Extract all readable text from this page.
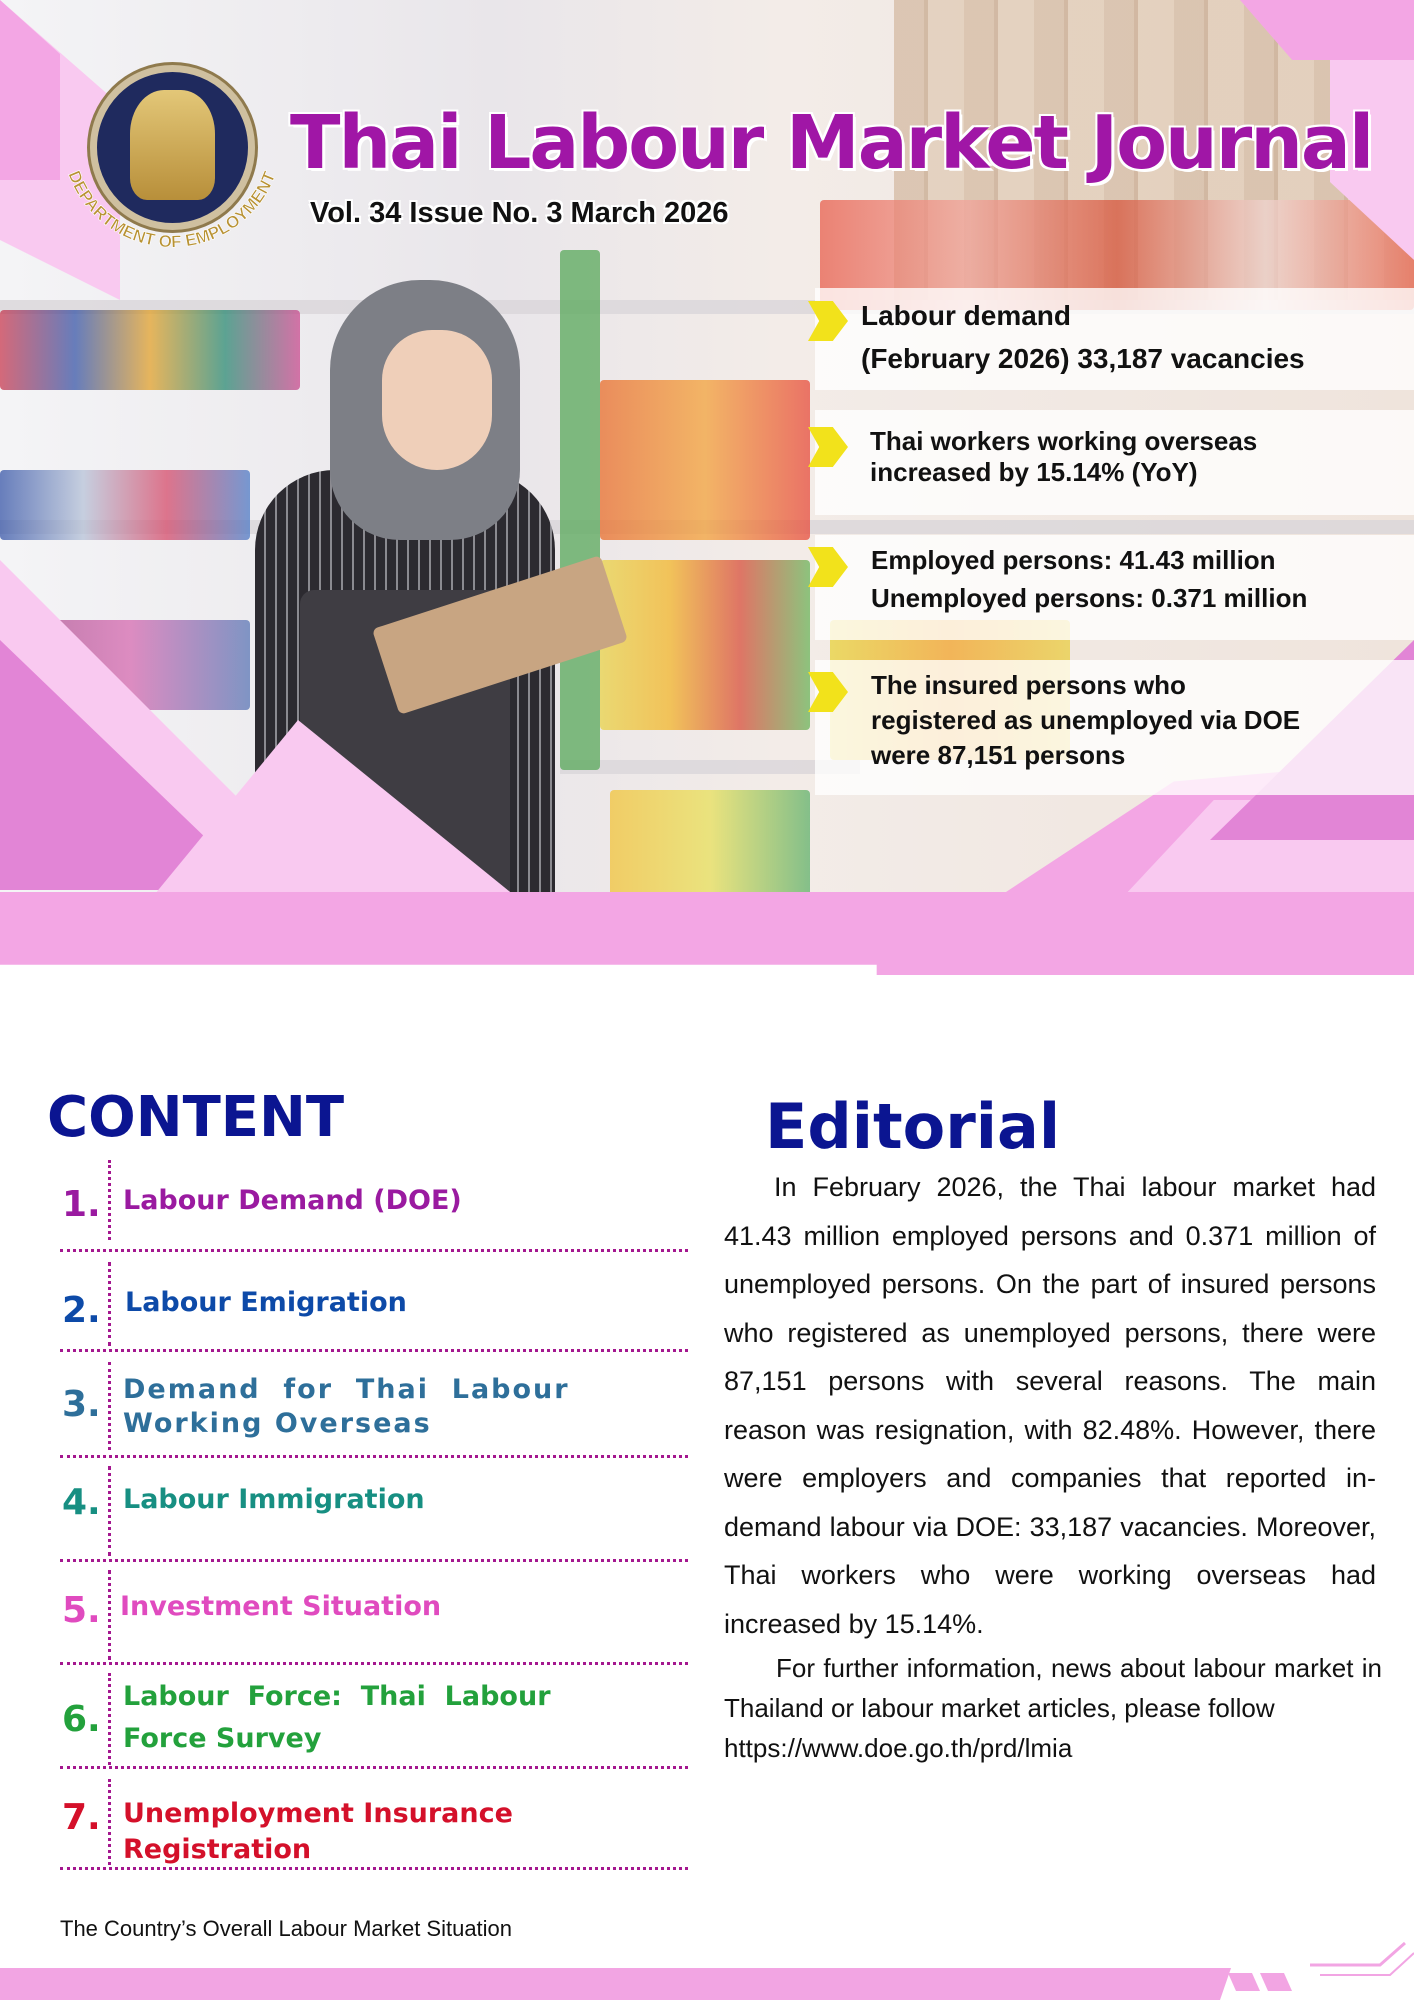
DEPARTMENT OF EMPLOYMENT Thai Labour Market Journal
Vol. 34 Issue No. 3 March 2026
Labour demand
(February 2026) 33,187 vacancies
Thai workers working overseas
increased by 15.14% (YoY)
Employed persons: 41.43 million
Unemployed persons: 0.371 million
The insured persons who
registered as unemployed via DOE
were 87,151 persons
CONTENT
1. Labour Demand (DOE)
2. Labour Emigration
3. Demand  for  Thai  Labour
Working Overseas
4. Labour Immigration
5. Investment Situation
6.
Labour  Force:  Thai  Labour
Force Survey
7. Unemployment Insurance Registration
The Country’s Overall Labour Market Situation
Editorial

In February 2026, the Thai labour market had 41.43 million employed persons and 0.371 million of unemployed persons. On the part of insured persons who registered as unemployed persons, there were 87,151 persons with several reasons. The main reason was resignation, with 82.48%. However, there were employers and companies that reported in-demand labour via DOE: 33,187 vacancies. Moreover, Thai workers who were working overseas had increased by 15.14%.

For further information, news about labour market in Thailand or labour market articles, please follow

https://www.doe.go.th/prd/lmia
